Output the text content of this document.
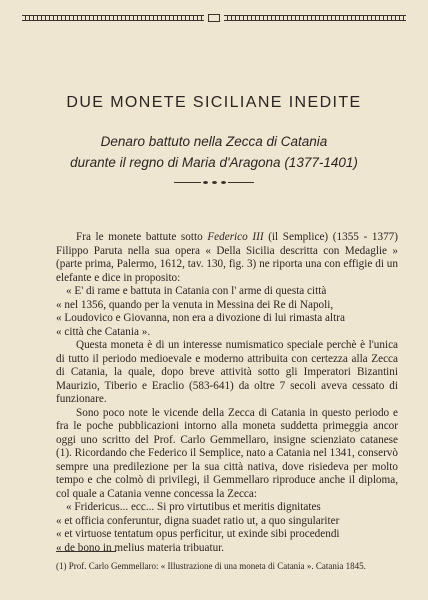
DUE MONETE SICILIANE INEDITE
Denaro battuto nella Zecca di Catania
durante il regno di Maria d'Aragona (1377-1401)

Fra le monete battute sotto Federico III (il Semplice) (1355 - 1377) Filippo Paruta nella sua opera « Della Sicilia descritta con Medaglie » (parte prima, Palermo, 1612, tav. 130, fig. 3) ne riporta una con effigie di un elefante e dice in proposito:

« E' di rame e battuta in Catania con l' arme di questa città

« nel 1356, quando per la venuta in Messina dei Re di Napoli,

« Loudovico e Giovanna, non era a divozione di lui rimasta altra

« città che Catania ».

Questa moneta è di un interesse numismatico speciale perchè è l'unica di tutto il periodo medioevale e moderno attribuita con certezza alla Zecca di Catania, la quale, dopo breve attività sotto gli Imperatori Bizantini Maurizio, Tiberio e Eraclio (583-641) da oltre 7 secoli aveva cessato di funzionare.

Sono poco note le vicende della Zecca di Catania in questo periodo e fra le poche pubblicazioni intorno alla moneta suddetta primeggia ancor oggi uno scritto del Prof. Carlo Gemmellaro, insigne scienziato catanese (1). Ricordando che Federico il Semplice, nato a Catania nel 1341, conservò sempre una predilezione per la sua città nativa, dove risiedeva per molto tempo e che colmò di privilegi, il Gemmellaro riproduce anche il diploma, col quale a Catania venne concessa la Zecca:

« Fridericus... ecc... Si pro virtutibus et meritis dignitates

« et officia conferuntur, digna suadet ratio ut, a quo singulariter

« et virtuose tentatum opus perficitur, ut exinde sibi procedendi

« de bono in melius materia tribuatur.

(1) Prof. Carlo Gemmellaro: « Illustrazione di una moneta di Catania ». Catania 1845.
